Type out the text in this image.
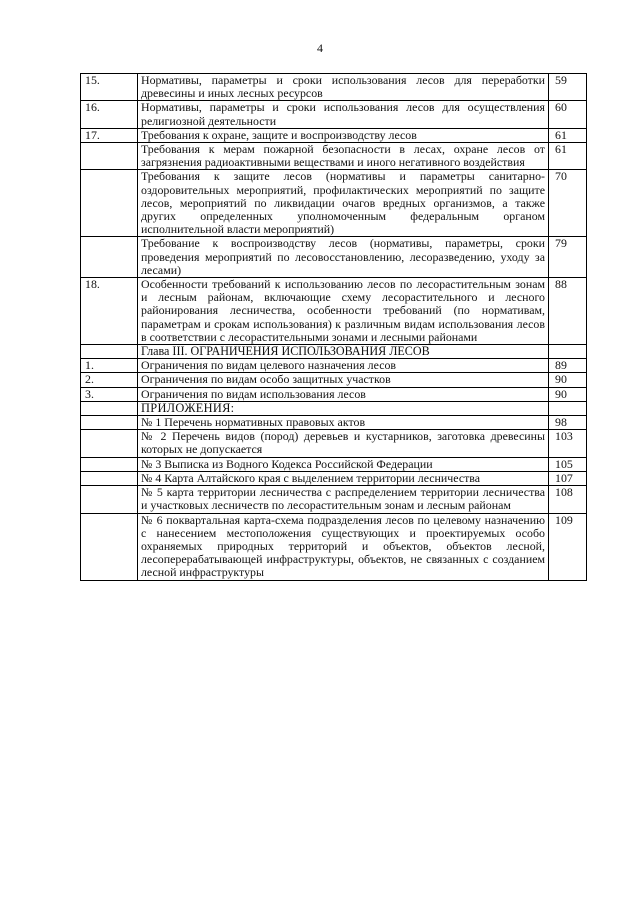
4
15.	Нормативы, параметры и сроки использования лесов для переработки древесины и иных лесных ресурсов	59
16.	Нормативы, параметры и сроки использования лесов для осуществления религиозной деятельности	60
17.	Требования к охране, защите и воспроизводству лесов	61
	Требования к мерам пожарной безопасности в лесах, охране лесов от загрязнения радиоактивными веществами и иного негативного воздействия	61
	Требования к защите лесов (нормативы и параметры санитарно-оздоровительных мероприятий, профилактических мероприятий по защите лесов, мероприятий по ликвидации очагов вредных организмов, а также других определенных уполномоченным федеральным органом исполнительной власти мероприятий)	70
	Требование к воспроизводству лесов (нормативы, параметры, сроки проведения мероприятий по лесовосстановлению, лесоразведению, уходу за лесами)	79
18.	Особенности требований к использованию лесов по лесорастительным зонам и лесным районам, включающие схему лесорастительного и лесного районирования лесничества, особенности требований (по нормативам, параметрам и срокам использования) к различным видам использования лесов в соответствии с лесорастительными зонами и лесными районами	88
	Глава III. ОГРАНИЧЕНИЯ ИСПОЛЬЗОВАНИЯ ЛЕСОВ	
1.	Ограничения по видам целевого назначения лесов	89
2.	Ограничения по видам особо защитных участков	90
3.	Ограничения по видам использования лесов	90
	ПРИЛОЖЕНИЯ:	
	№ 1 Перечень нормативных правовых актов	98
	№ 2 Перечень видов (пород) деревьев и кустарников, заготовка древесины которых не допускается	103
	№ 3 Выписка из Водного Кодекса Российской Федерации	105
	№ 4 Карта Алтайского края с выделением территории лесничества	107
	№ 5 карта территории лесничества с распределением территории лесничества и участковых лесничеств по лесорастительным зонам и лесным районам	108
	№ 6 поквартальная карта-схема подразделения лесов по целевому назначению с нанесением местоположения существующих и проектируемых особо охраняемых природных территорий и объектов, объектов лесной, лесоперерабатывающей инфраструктуры, объектов, не связанных с созданием лесной инфраструктуры	109
